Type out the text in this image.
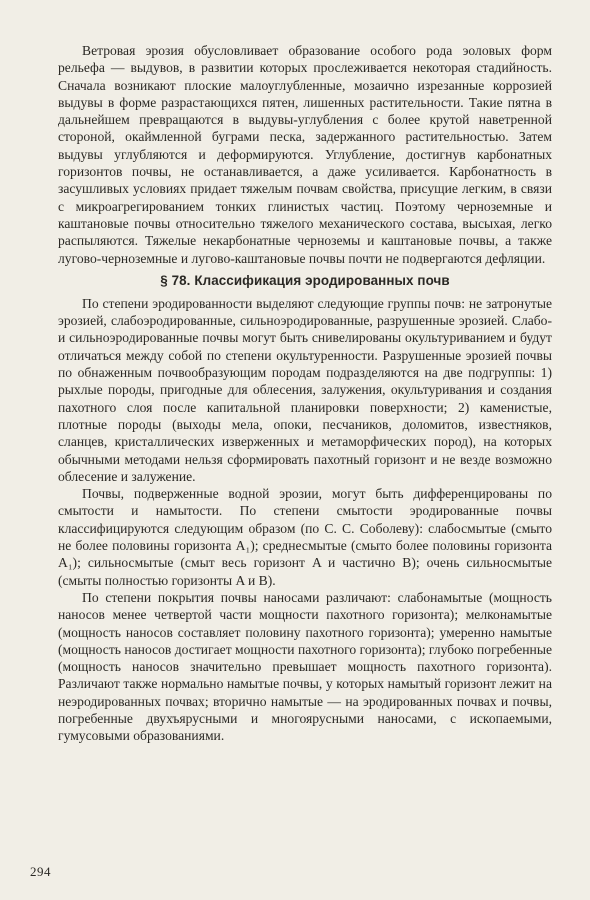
Ветровая эрозия обусловливает образование особого рода эоловых форм рельефа — выдувов, в развитии которых прослеживается некоторая стадийность. Сначала возникают плоские малоуглубленные, мозаично изрезанные коррозией выдувы в форме разрастающихся пятен, лишенных растительности. Такие пятна в дальнейшем превращаются в выдувы-углубления с более крутой наветренной стороной, окаймленной буграми песка, задержанного растительностью. Затем выдувы углубляются и деформируются. Углубление, достигнув карбонатных горизонтов почвы, не останавливается, а даже усиливается. Карбонатность в засушливых условиях придает тяжелым почвам свойства, присущие легким, в связи с микроагрегированием тонких глинистых частиц. Поэтому черноземные и каштановые почвы относительно тяжелого механического состава, высыхая, легко распыляются. Тяжелые некарбонатные черноземы и каштановые почвы, а также лугово-черноземные и лугово-каштановые почвы почти не подвергаются дефляции.

§ 78. Классификация эродированных почв

По степени эродированности выделяют следующие группы почв: не затронутые эрозией, слабоэродированные, сильноэродированные, разрушенные эрозией. Слабо- и сильноэродированные почвы могут быть снивелированы окультуриванием и будут отличаться между собой по степени окультуренности. Разрушенные эрозией почвы по обнаженным почвообразующим породам подразделяются на две подгруппы: 1) рыхлые породы, пригодные для облесения, залужения, окультуривания и создания пахотного слоя после капитальной планировки поверхности; 2) каменистые, плотные породы (выходы мела, опоки, песчаников, доломитов, известняков, сланцев, кристаллических изверженных и метаморфических пород), на которых обычными методами нельзя сформировать пахотный горизонт и не везде возможно облесение и залужение.

Почвы, подверженные водной эрозии, могут быть дифференцированы по смытости и намытости. По степени смытости эродированные почвы классифицируются следующим образом (по С. С. Соболеву): слабосмытые (смыто не более половины горизонта A₁); среднесмытые (смыто более половины горизонта A₁); сильносмытые (смыт весь горизонт A и частично B); очень сильносмытые (смыты полностью горизонты A и B).

По степени покрытия почвы наносами различают: слабонамытые (мощность наносов менее четвертой части мощности пахотного горизонта); мелконамытые (мощность наносов составляет половину пахотного горизонта); умеренно намытые (мощность наносов достигает мощности пахотного горизонта); глубоко погребенные (мощность наносов значительно превышает мощность пахотного горизонта). Различают также нормально намытые почвы, у которых намытый горизонт лежит на неэродированных почвах; вторично намытые — на эродированных почвах и почвы, погребенные двухъярусными и многоярусными наносами, с ископаемыми, гумусовыми образованиями.

294
